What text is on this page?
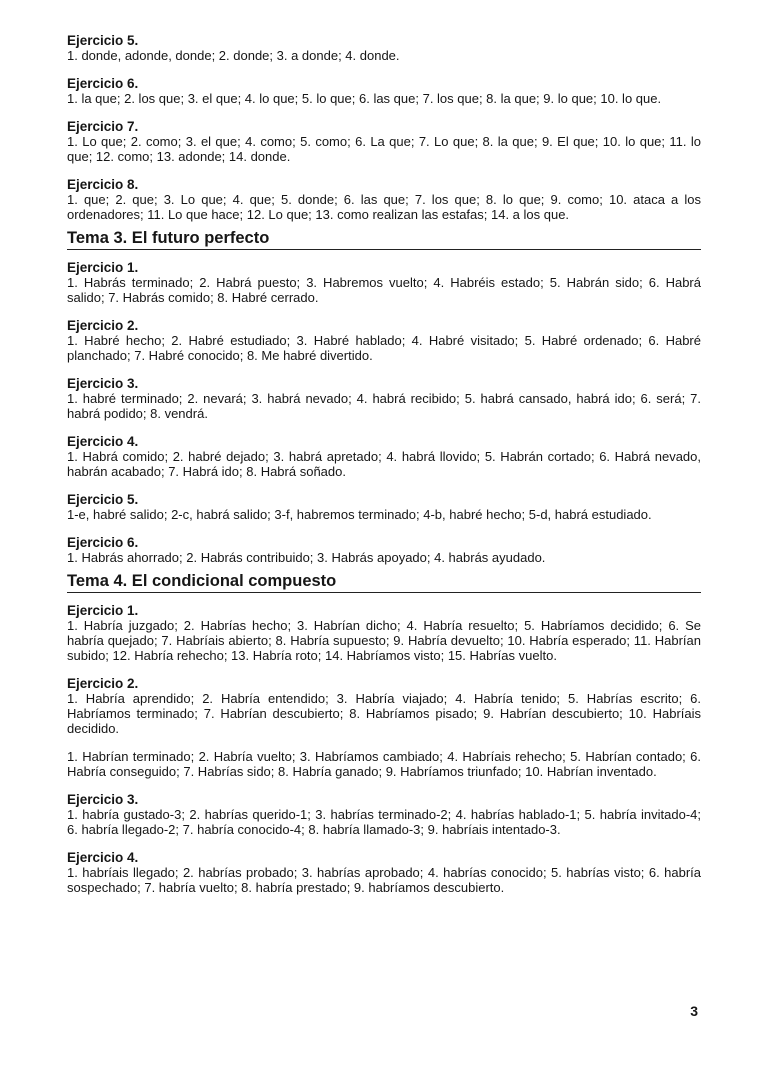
Ejercicio 5.
1. donde, adonde, donde; 2. donde; 3. a donde; 4. donde.
Ejercicio 6.
1. la que; 2. los que; 3. el que; 4. lo que; 5. lo que; 6. las que; 7. los que; 8. la que; 9. lo que; 10. lo que.
Ejercicio 7.
1. Lo que; 2. como; 3. el que; 4. como; 5. como; 6. La que; 7. Lo que; 8. la que; 9. El que; 10. lo que; 11. lo que; 12. como; 13. adonde; 14. donde.
Ejercicio 8.
1. que; 2. que; 3. Lo que; 4. que; 5. donde; 6. las que; 7. los que; 8. lo que; 9. como; 10. ataca a los ordenadores; 11. Lo que hace; 12. Lo que; 13. como realizan las estafas; 14. a los que.
Tema 3. El futuro perfecto
Ejercicio 1.
1. Habrás terminado; 2. Habrá puesto; 3. Habremos vuelto; 4. Habréis estado; 5. Habrán sido; 6. Habrá salido; 7. Habrás comido; 8. Habré cerrado.
Ejercicio 2.
1. Habré hecho; 2. Habré estudiado; 3. Habré hablado; 4. Habré visitado; 5. Habré ordenado; 6. Habré planchado; 7. Habré conocido; 8. Me habré divertido.
Ejercicio 3.
1. habré terminado; 2. nevará; 3. habrá nevado; 4. habrá recibido; 5. habrá cansado, habrá ido; 6. será; 7. habrá podido; 8. vendrá.
Ejercicio 4.
1. Habrá comido; 2. habré dejado; 3. habrá apretado; 4. habrá llovido; 5. Habrán cortado; 6. Habrá nevado, habrán acabado; 7. Habrá ido; 8. Habrá soñado.
Ejercicio 5.
1-e, habré salido; 2-c, habrá salido; 3-f, habremos terminado; 4-b, habré hecho; 5-d, habrá estudiado.
Ejercicio 6.
1. Habrás ahorrado; 2. Habrás contribuido; 3. Habrás apoyado; 4. habrás ayudado.
Tema 4. El condicional compuesto
Ejercicio 1.
1. Habría juzgado; 2. Habrías hecho; 3. Habrían dicho; 4. Habría resuelto; 5. Habríamos decidido; 6. Se habría quejado; 7. Habríais abierto; 8. Habría supuesto; 9. Habría devuelto; 10. Habría esperado; 11. Habrían subido; 12. Habría rehecho; 13. Habría roto; 14. Habríamos visto; 15. Habrías vuelto.
Ejercicio 2.
1. Habría aprendido; 2. Habría entendido; 3. Habría viajado; 4. Habría tenido; 5. Habrías escrito; 6. Habríamos terminado; 7. Habrían descubierto; 8. Habríamos pisado; 9. Habrían descubierto; 10. Habríais decidido.
1. Habrían terminado; 2. Habría vuelto; 3. Habríamos cambiado; 4. Habríais rehecho; 5. Habrían contado; 6. Habría conseguido; 7. Habrías sido; 8. Habría ganado; 9. Habríamos triunfado; 10. Habrían inventado.
Ejercicio 3.
1. habría gustado-3; 2. habrías querido-1; 3. habrías terminado-2; 4. habrías hablado-1; 5. habría invitado-4; 6. habría llegado-2; 7. habría conocido-4; 8. habría llamado-3; 9. habríais intentado-3.
Ejercicio 4.
1. habríais llegado; 2. habrías probado; 3. habrías aprobado; 4. habrías conocido; 5. habrías visto; 6. habría sospechado; 7. habría vuelto; 8. habría prestado; 9. habríamos descubierto.
3
